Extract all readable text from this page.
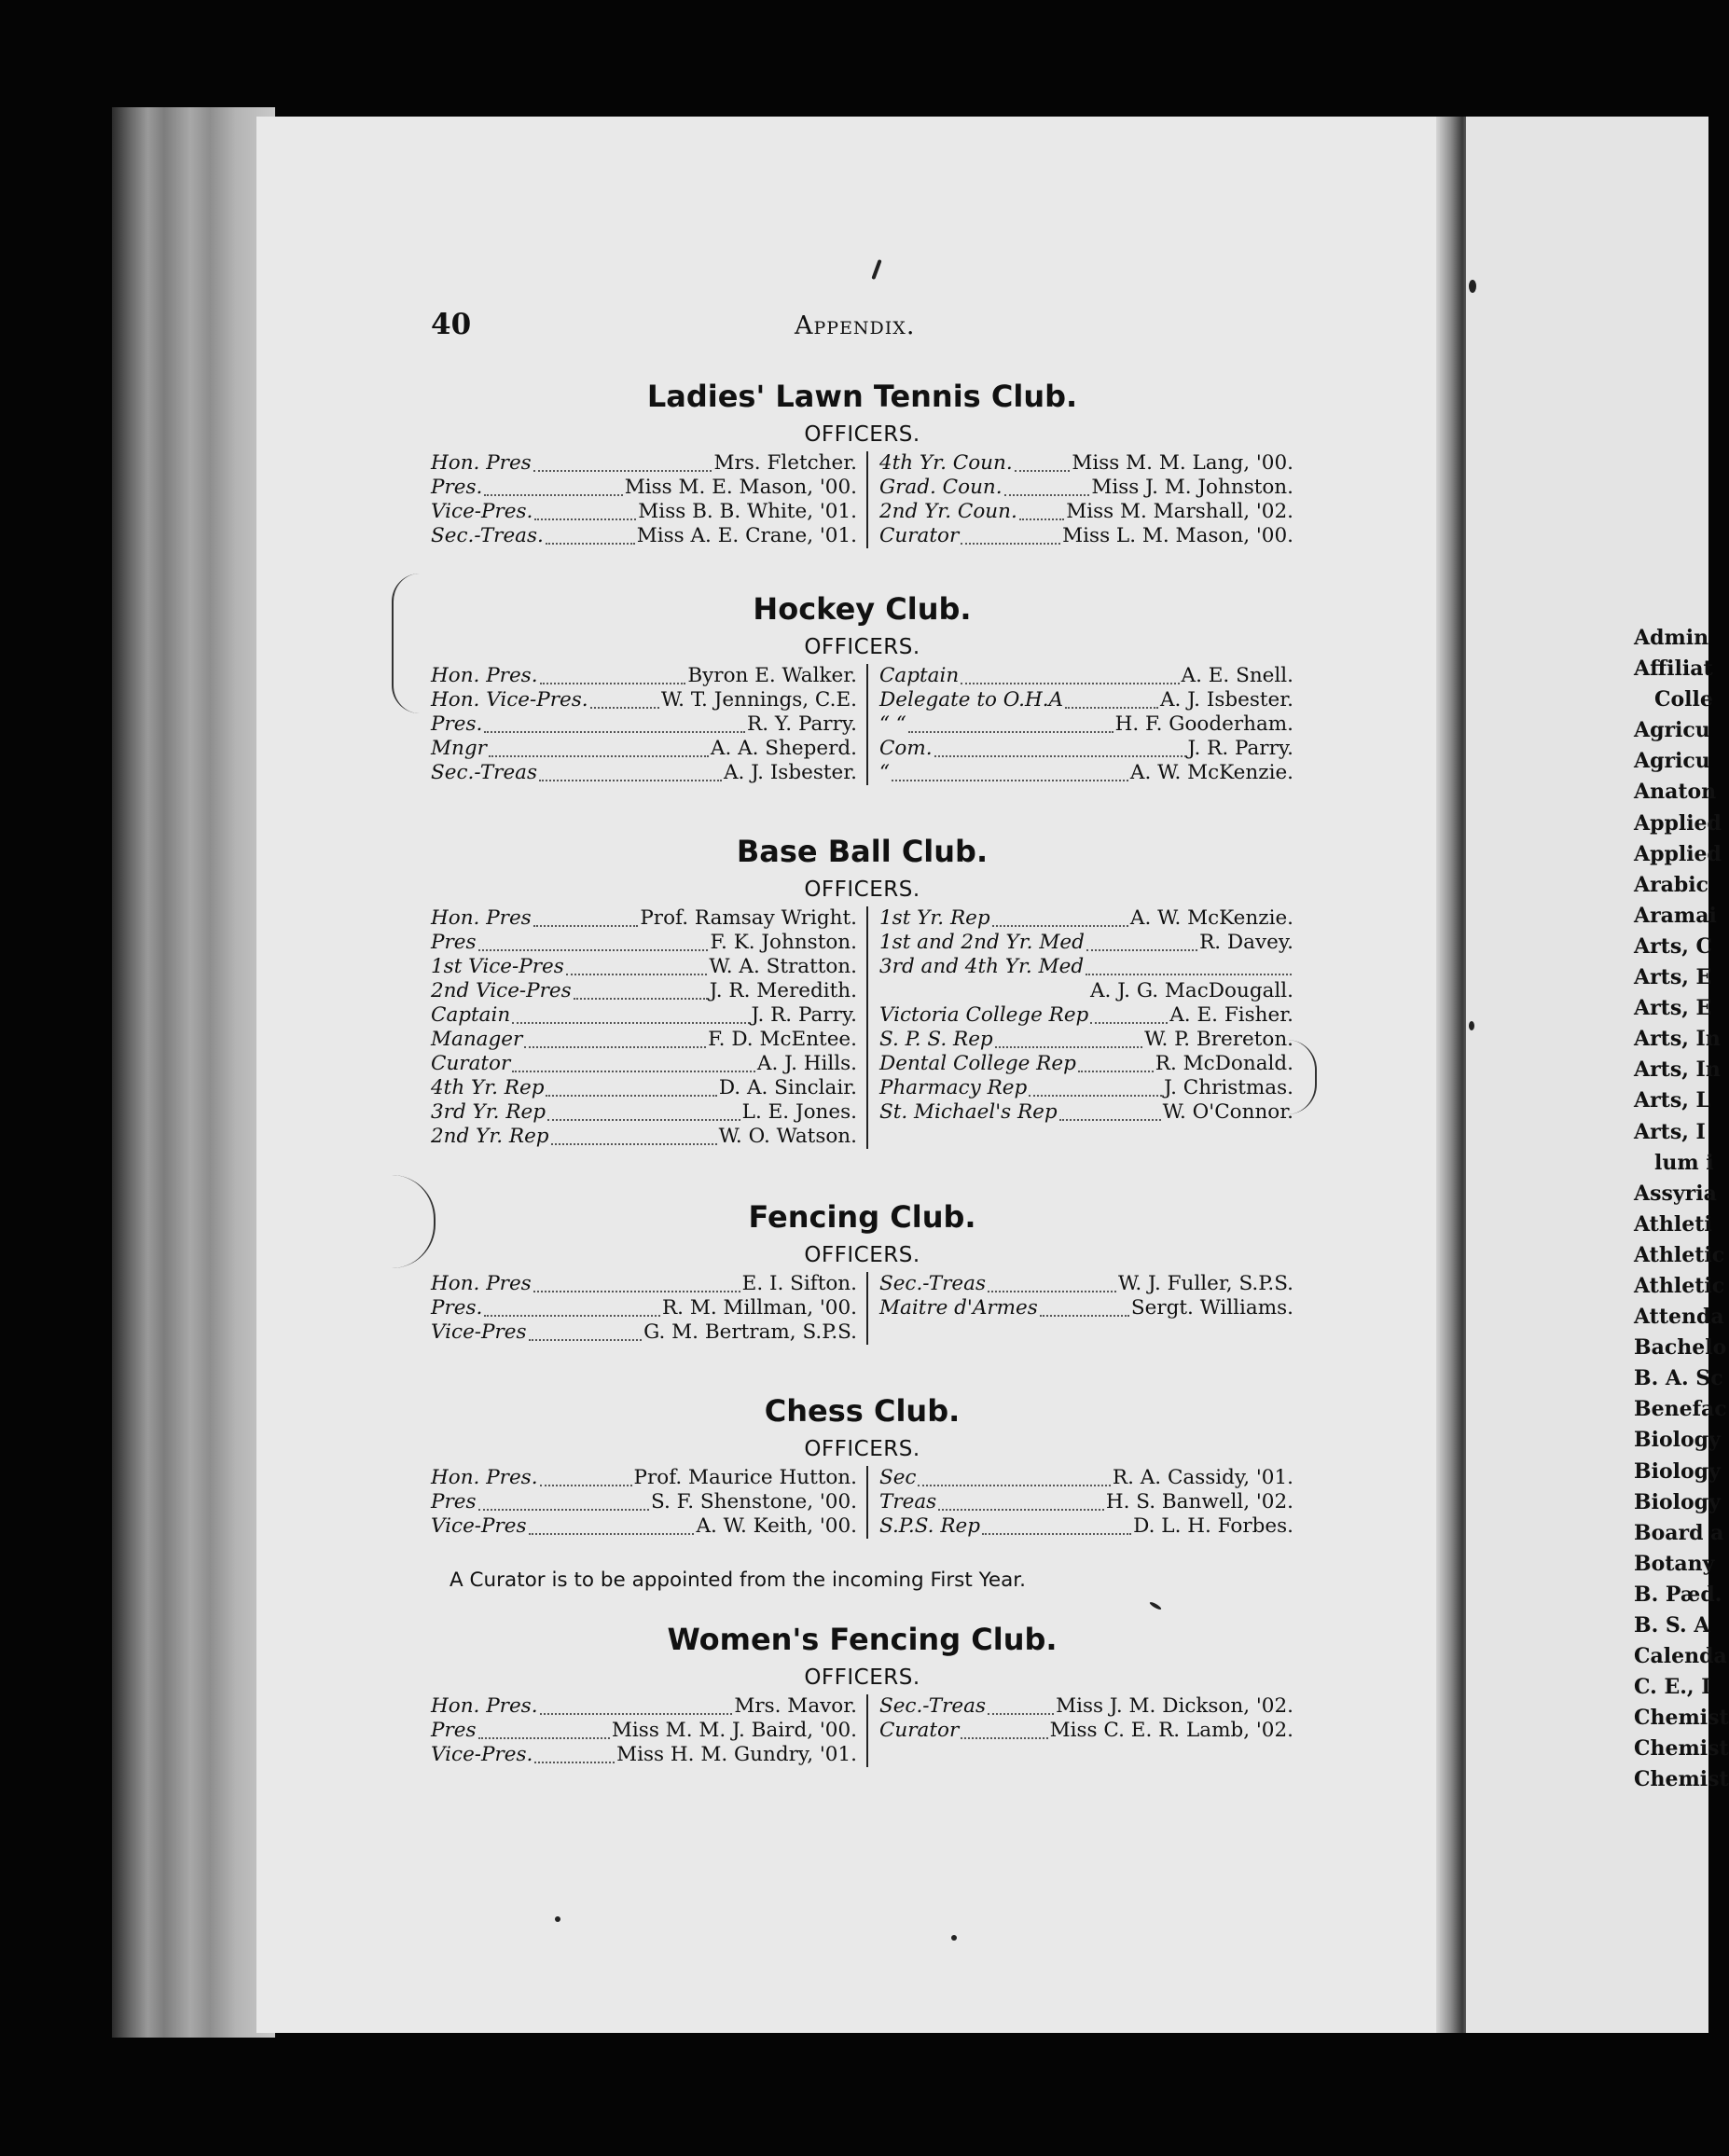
Admin
Affiliat
Colle
Agricu
Agricu
Anaton
Applied
Applied
Arabic
Aramai
Arts, C
Arts, E
Arts, E
Arts, In
Arts, In
Arts, L
Arts, I
lum i
Assyria
Athleti
Athletic
Athletic
Attenda
Bachelo
B. A. Sc
Benefac
Biology
Biology
Biology
Board a
Botany
B. Pæd.
B. S. A
Calenda
C. E., I
Chemist
Chemist
Chemist
40	Appendix.
Ladies' Lawn Tennis Club.
OFFICERS.
Hon. Pres	Mrs. Fletcher.
Pres.	Miss M. E. Mason, '00.
Vice-Pres.	Miss B. B. White, '01.
Sec.-Treas.	Miss A. E. Crane, '01.
4th Yr. Coun.	Miss M. M. Lang, '00.
Grad. Coun.	Miss J. M. Johnston.
2nd Yr. Coun. Miss M. Marshall, '02.
Curator	Miss L. M. Mason, '00.
Hockey Club.
OFFICERS.
Hon. Pres.	Byron E. Walker.
Hon. Vice-Pres.	W. T. Jennings, C.E.
Pres.	R. Y. Parry.
Mngr	A. A. Sheperd.
Sec.-Treas	A. J. Isbester.
Captain	A. E. Snell.
Delegate to O.H.A	A. J. Isbester.
“ “	H. F. Gooderham.
Com.	J. R. Parry.
“	A. W. McKenzie.
Base Ball Club.
OFFICERS.
Hon. Pres	Prof. Ramsay Wright.
Pres	F. K. Johnston.
1st Vice-Pres	W. A. Stratton.
2nd Vice-Pres	J. R. Meredith.
Captain	J. R. Parry.
Manager	F. D. McEntee.
Curator	A. J. Hills.
4th Yr. Rep	D. A. Sinclair.
3rd Yr. Rep	L. E. Jones.
2nd Yr. Rep	W. O. Watson.
1st Yr. Rep	A. W. McKenzie.
1st and 2nd Yr. Med	R. Davey.
3rd and 4th Yr. Med
A. J. G. MacDougall.
Victoria College Rep	A. E. Fisher.
S. P. S. Rep	W. P. Brereton.
Dental College Rep	R. McDonald.
Pharmacy Rep	J. Christmas.
St. Michael's Rep	W. O'Connor.
Fencing Club.
OFFICERS.
Hon. Pres	E. I. Sifton.
Pres.	R. M. Millman, '00.
Vice-Pres	G. M. Bertram, S.P.S.
Sec.-Treas	W. J. Fuller, S.P.S.
Maitre d'Armes	Sergt. Williams.
Chess Club.
OFFICERS.
Hon. Pres.	Prof. Maurice Hutton.
Pres	S. F. Shenstone, '00.
Vice-Pres	A. W. Keith, '00.
Sec	R. A. Cassidy, '01.
Treas	H. S. Banwell, '02.
S.P.S. Rep	D. L. H. Forbes.
Women's Fencing Club.
OFFICERS.
Hon. Pres.	Mrs. Mavor.
Pres	Miss M. M. J. Baird, '00.
Vice-Pres.	Miss H. M. Gundry, '01.
Sec.-Treas	Miss J. M. Dickson, '02.
Curator	Miss C. E. R. Lamb, '02.
A Curator is to be appointed from the incoming First Year.
